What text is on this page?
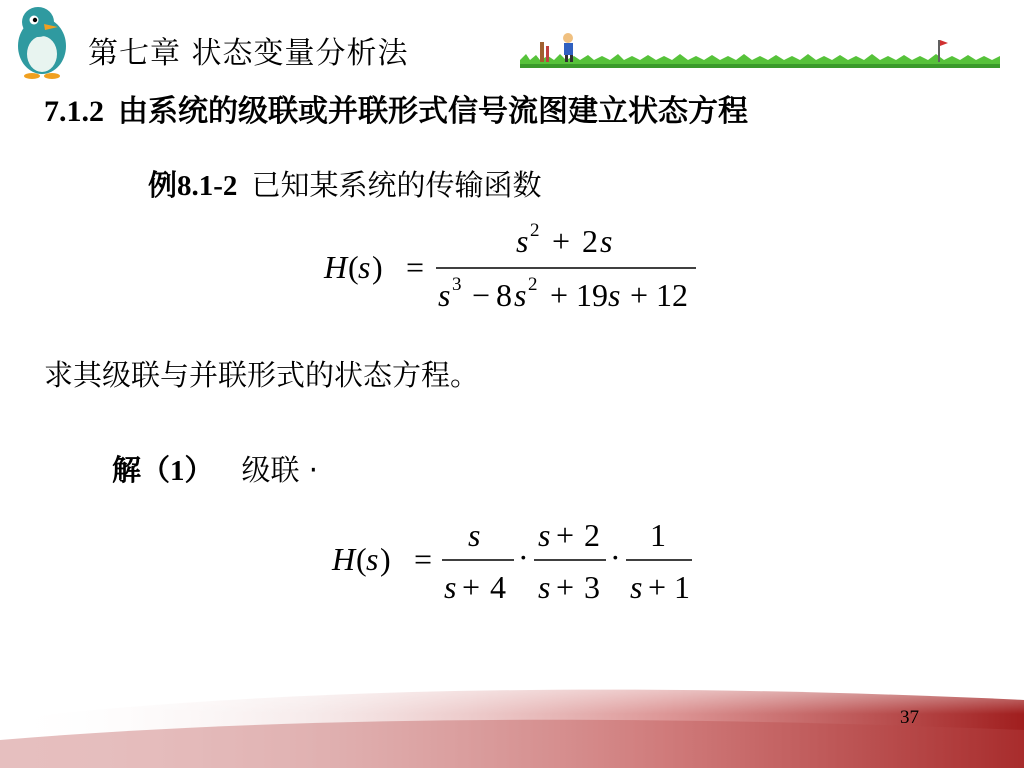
第七章 状态变量分析法
7.1.2 由系统的级联或并联形式信号流图建立状态方程
例8.1-2 已知某系统的传输函数
H ( s ) =
s 2 + 2 s
s 3 − 8 s 2 + 19 s + 12
求其级联与并联形式的状态方程。
解（1） 级联 ·
H ( s ) =
s
s + 4
·
s + 2
s + 3
·
1
s + 1
37
